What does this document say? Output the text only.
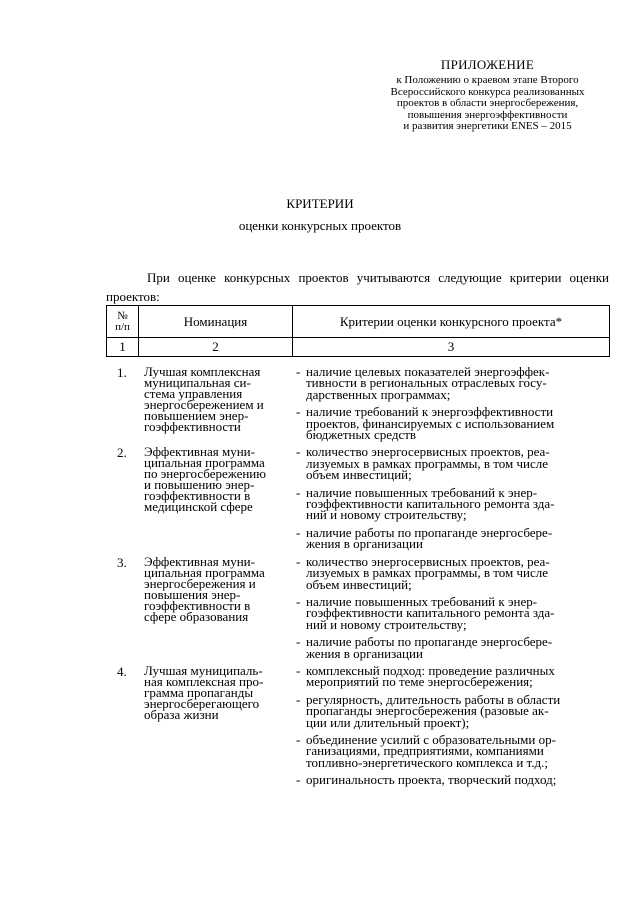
ПРИЛОЖЕНИЕ
к Положению о краевом этапе Второго
Всероссийского конкурса реализованных
проектов в области энергосбережения,
повышения энергоэффективности
и развития энергетики ENES – 2015
КРИТЕРИИ
оценки конкурсных проектов
При оценке конкурсных проектов учитываются следующие критерии оценки проектов:
№
п/п	Номинация	Критерии оценки конкурсного проекта*
1	2	3
1. Лучшая комплексная
муниципальная си-
стема управления
энергосбережением и
повышением энер-
гоэффективности
- наличие целевых показателей энергоэффек-
тивности в региональных отраслевых госу-
дарственных программах;
- наличие требований к энергоэффективности
проектов, финансируемых с использованием
бюджетных средств
2. Эффективная муни-
ципальная программа
по энергосбережению
и повышению энер-
гоэффективности в
медицинской сфере
- количество энергосервисных проектов, реа-
лизуемых в рамках программы, в том числе
объем инвестиций;
- наличие повышенных требований к энер-
гоэффективности капитального ремонта зда-
ний и новому строительству;
- наличие работы по пропаганде энергосбере-
жения в организации
3. Эффективная муни-
ципальная программа
энергосбережения и
повышения энер-
гоэффективности в
сфере образования
- количество энергосервисных проектов, реа-
лизуемых в рамках программы, в том числе
объем инвестиций;
- наличие повышенных требований к энер-
гоэффективности капитального ремонта зда-
ний и новому строительству;
- наличие работы по пропаганде энергосбере-
жения в организации
4. Лучшая муниципаль-
ная комплексная про-
грамма пропаганды
энергосберегающего
образа жизни
- комплексный подход: проведение различных
мероприятий по теме энергосбережения;
- регулярность, длительность работы в области
пропаганды энергосбережения (разовые ак-
ции или длительный проект);
- объединение усилий с образовательными ор-
ганизациями, предприятиями, компаниями
топливно-энергетического комплекса и т.д.;
- оригинальность проекта, творческий подход;
